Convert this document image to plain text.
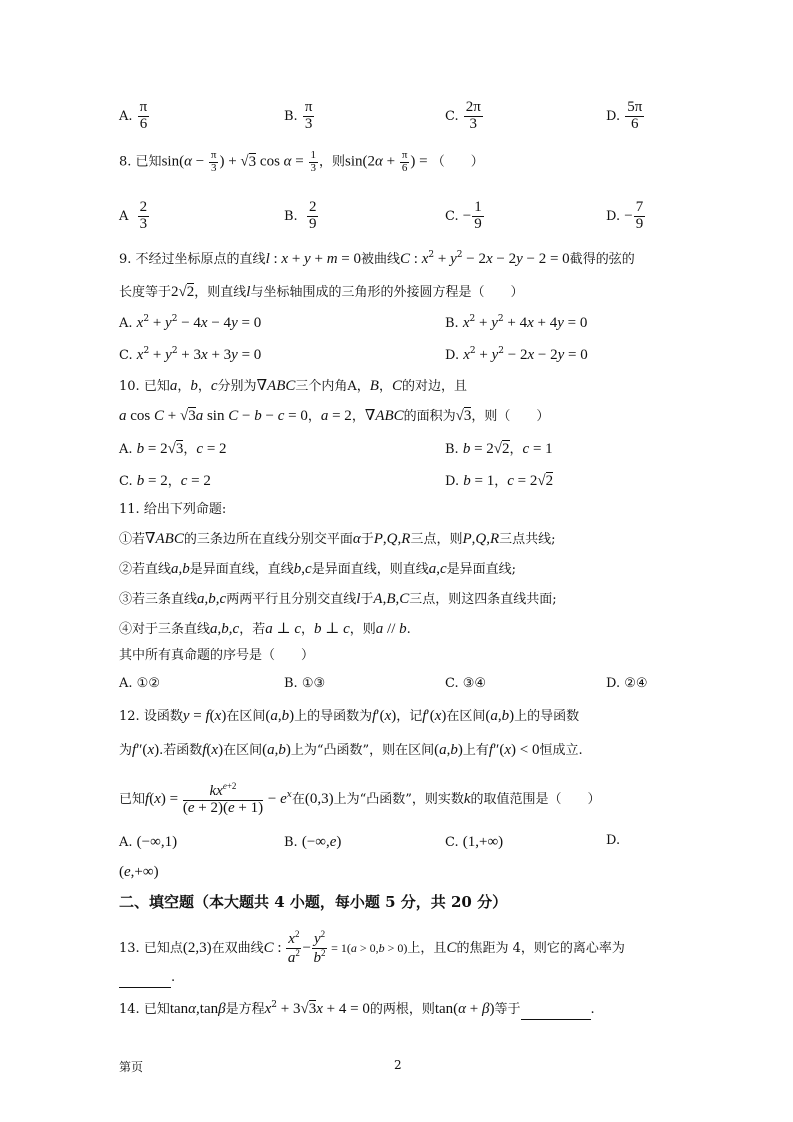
A. $\frac{\pi}{6}$	B. $\frac{\pi}{3}$	C. $\frac{2\pi}{3}$	D. $\frac{5\pi}{6}$
8. 已知$\sin(\alpha - \frac{\pi}{3}$ ) + √3 $\cos \alpha = \frac{1}{3}$ ，则$\sin(2\alpha + \frac{\pi}{6}$ ) = （　　）
A $\frac{2}{3}$	B. $\frac{2}{9}$	C. − $\frac{1}{9}$	D. − $\frac{7}{9}$
9. 不经过坐标原点的直线l : x + y + m = 0被曲线C : $x^2 + y^2 - 2x - 2y - 2 = 0$截得的弦的
长度等于2√2，则直线l与坐标轴围成的三角形的外接圆方程是（　　）
A. $x^2 + y^2 - 4x - 4y = 0$	B. $x^2 + y^2 + 4x + 4y = 0$
C. $x^2 + y^2 + 3x + 3y = 0$	D. $x^2 + y^2 - 2x - 2y = 0$
10. 已知a，b，c分别为∇ABC三个内角A，B，C的对边，且
a cos C + √3a sin C − b − c = 0，a = 2，∇ABC的面积为√3，则（　　）
A. b = 2√3，c = 2	B. b = 2√2，c = 1
C. b = 2，c = 2	D. b = 1，c = 2√2
11. 给出下列命题:
①若∇ABC的三条边所在直线分别交平面α于P,Q,R三点，则P,Q,R三点共线;
②若直线a,b是异面直线，直线b,c是异面直线，则直线a,c是异面直线;
③若三条直线a,b,c两两平行且分别交直线l于A,B,C三点，则这四条直线共面;
④对于三条直线a,b,c，若a ⊥ c，b ⊥ c，则a // b.
其中所有真命题的序号是（　　）
A. ①②	B. ①③	C. ③④	D. ②④
12. 设函数y = f(x)在区间(a,b)上的导函数为f′(x)，记f′(x)在区间(a,b)上的导函数
为f″(x).若函数f(x)在区间(a,b)上为“凸函数”，则在区间(a,b)上有f″(x) < 0恒成立.
已知$f(x) = \frac{kx^{e+2}}{(e + 2)(e + 1)} - e^x$在(0,3)上为“凸函数”，则实数k的取值范围是（　　）
A. (−∞,1)	B. (−∞,e)	C. (1,+∞)	D.
(e,+∞)
二、填空题（本大题共 4 小题，每小题 5 分，共 20 分）
13. 已知点(2,3)在双曲线C : $\frac{x^2}{a^2} - \frac{y^2}{b^2} = 1(a > 0,b > 0)$上，且C的焦距为 4，则它的离心率为
.
14. 已知tanα,tanβ是方程$x^2 + 3√3x + 4 = 0$的两根，则tan(α + β)等于	.
第页	2
